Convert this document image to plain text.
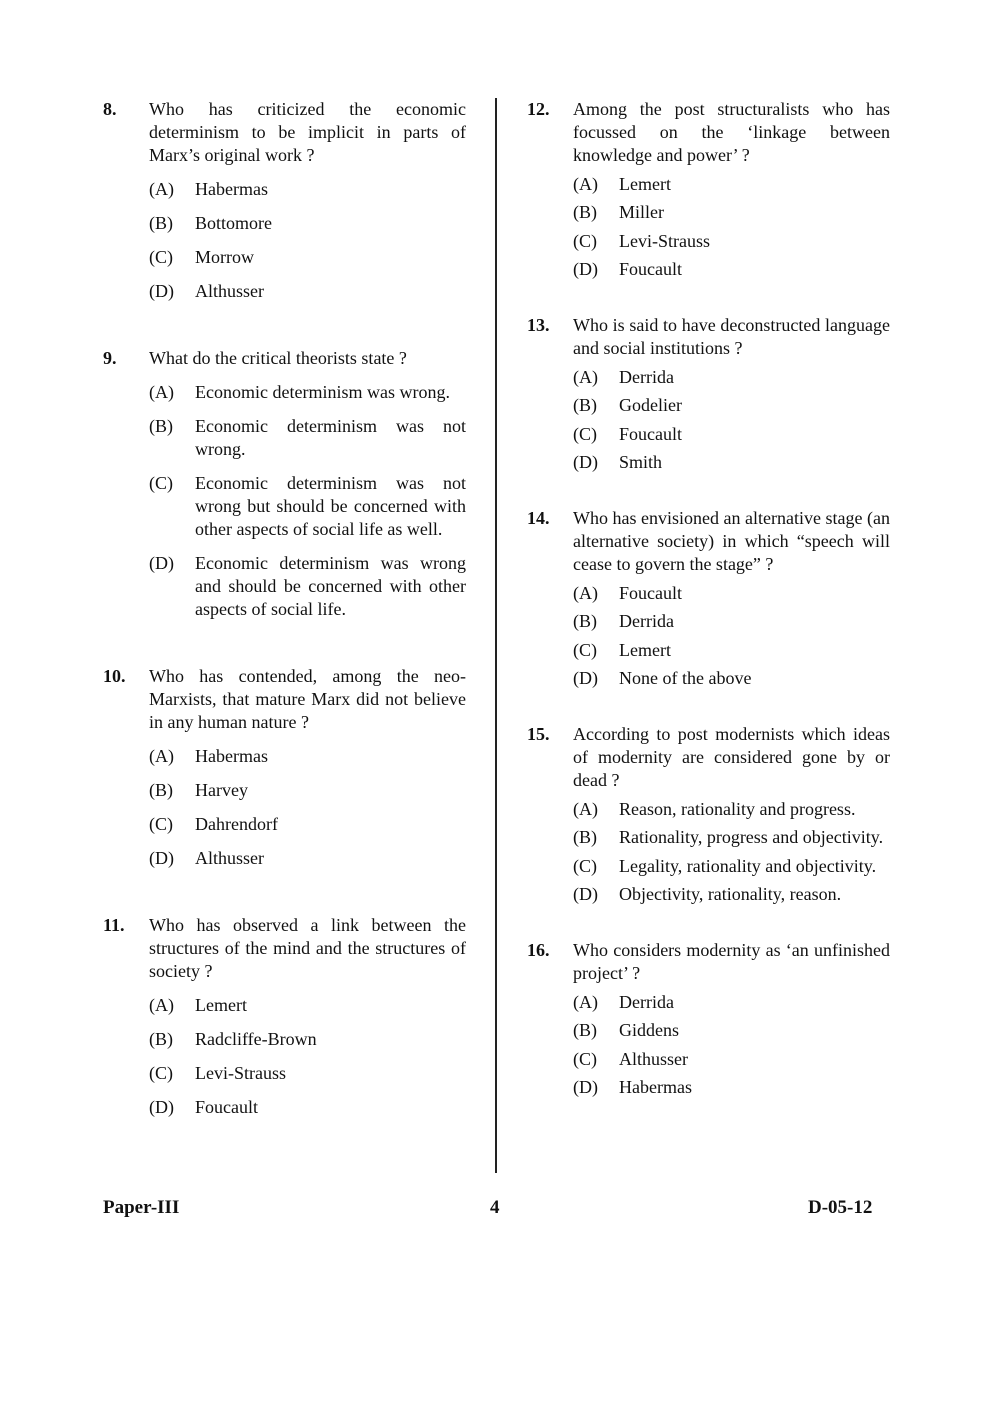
8.	Who has criticized the economic determinism to be implicit in parts of Marx’s original work ?
(A)	Habermas
(B)	Bottomore
(C)	Morrow
(D)	Althusser
9.	What do the critical theorists state ?
(A)	Economic determinism was wrong.
(B)	Economic determinism was not wrong.
(C)	Economic determinism was not wrong but should be concerned with other aspects of social life as well.
(D)	Economic determinism was wrong and should be concerned with other aspects of social life.
10.	Who has contended, among the neo-Marxists, that mature Marx did not believe in any human nature ?
(A)	Habermas
(B)	Harvey
(C)	Dahrendorf
(D)	Althusser
11.	Who has observed a link between the structures of the mind and the structures of society ?
(A)	Lemert
(B)	Radcliffe-Brown
(C)	Levi-Strauss
(D)	Foucault
12.	Among the post structuralists who has focussed on the ‘linkage between knowledge and power’ ?
(A)	Lemert
(B)	Miller
(C)	Levi-Strauss
(D)	Foucault
13.	Who is said to have deconstructed language and social institutions ?
(A)	Derrida
(B)	Godelier
(C)	Foucault
(D)	Smith
14.	Who has envisioned an alternative stage (an alternative society) in which “speech will cease to govern the stage” ?
(A)	Foucault
(B)	Derrida
(C)	Lemert
(D)	None of the above
15.	According to post modernists which ideas of modernity are considered gone by or dead ?
(A)	Reason, rationality and progress.
(B)	Rationality, progress and objectivity.
(C)	Legality, rationality and objectivity.
(D)	Objectivity, rationality, reason.
16.	Who considers modernity as ‘an unfinished project’ ?
(A)	Derrida
(B)	Giddens
(C)	Althusser
(D)	Habermas
Paper-III	4	D-05-12
